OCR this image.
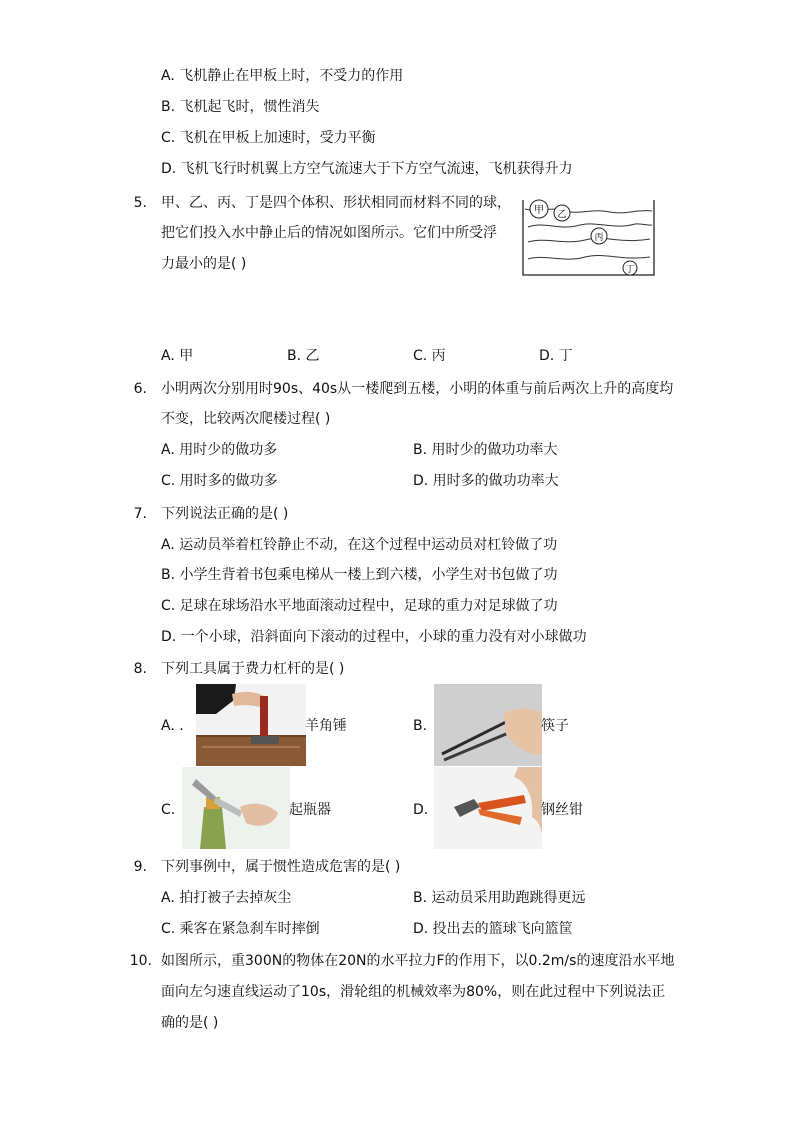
A. 飞机静止在甲板上时，不受力的作用
B. 飞机起飞时，惯性消失
C. 飞机在甲板上加速时，受力平衡
D. 飞机飞行时机翼上方空气流速大于下方空气流速，飞机获得升力
5. 甲、乙、丙、丁是四个体积、形状相同而材料不同的球，
把它们投入水中静止后的情况如图所示。它们中所受浮
力最小的是( )
甲 乙
丙
丁
A. 甲	B. 乙	C. 丙	D. 丁
6. 小明两次分别用时90s、40s从一楼爬到五楼，小明的体重与前后两次上升的高度均
不变，比较两次爬楼过程( )
A. 用时少的做功多	B. 用时少的做功功率大
C. 用时多的做功多	D. 用时多的做功功率大
7. 下列说法正确的是( )
A. 运动员举着杠铃静止不动，在这个过程中运动员对杠铃做了功
B. 小学生背着书包乘电梯从一楼上到六楼，小学生对书包做了功
C. 足球在球场沿水平地面滚动过程中，足球的重力对足球做了功
D. 一个小球，沿斜面向下滚动的过程中，小球的重力没有对小球做功
8. 下列工具属于费力杠杆的是( )
A. .	羊角锤	B.	筷子
C.	起瓶器	D.	钢丝钳
9. 下列事例中，属于惯性造成危害的是( )
A. 拍打被子去掉灰尘	B. 运动员采用助跑跳得更远
C. 乘客在紧急刹车时摔倒	D. 投出去的篮球飞向篮筐
10. 如图所示，重300N的物体在20N的水平拉力F的作用下，以0.2m/s的速度沿水平地
面向左匀速直线运动了10s，滑轮组的机械效率为80%，则在此过程中下列说法正
确的是( )
